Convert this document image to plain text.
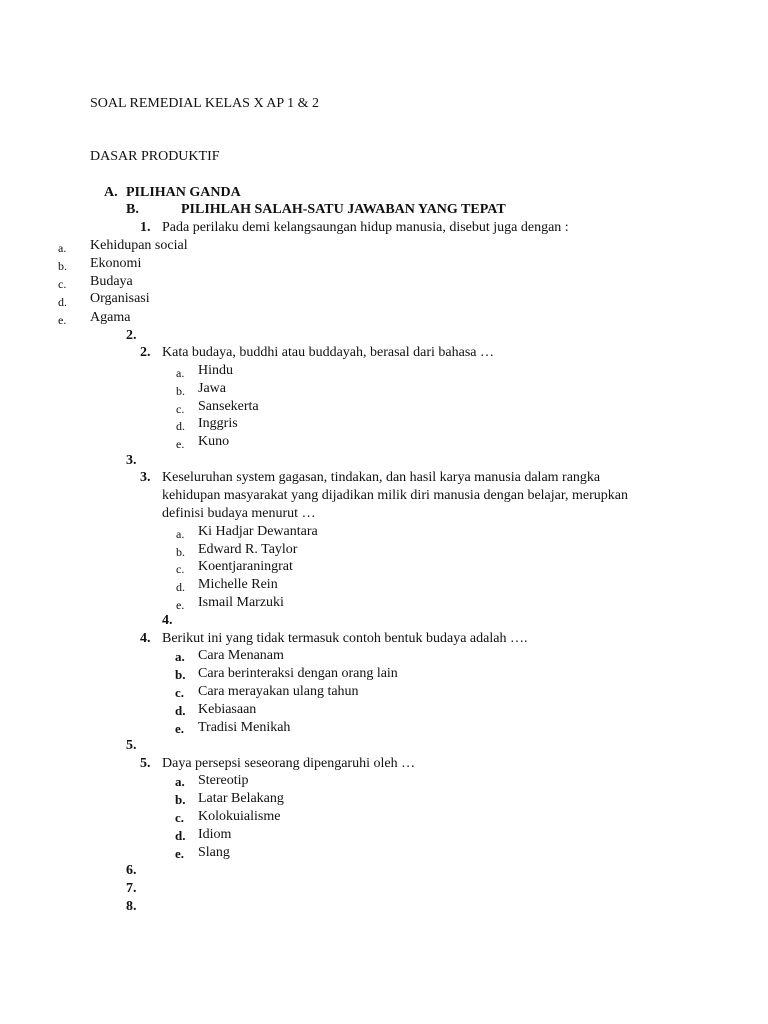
SOAL REMEDIAL KELAS X AP 1 & 2
DASAR PRODUKTIF
A. PILIHAN GANDA
B.	PILIHLAH SALAH-SATU JAWABAN YANG TEPAT
1. Pada perilaku demi kelangsaungan hidup manusia, disebut juga dengan :
a. Kehidupan social
b. Ekonomi
c. Budaya
d. Organisasi
e. Agama
2.
2. Kata budaya, buddhi atau buddayah, berasal dari bahasa …
a. Hindu
b. Jawa
c. Sansekerta
d. Inggris
e. Kuno
3.
3. Keseluruhan system gagasan, tindakan, dan hasil karya manusia dalam rangka
kehidupan masyarakat yang dijadikan milik diri manusia dengan belajar, merupkan
definisi budaya menurut …
a. Ki Hadjar Dewantara
b. Edward R. Taylor
c. Koentjaraningrat
d. Michelle Rein
e. Ismail Marzuki
4.
4. Berikut ini yang tidak termasuk contoh bentuk budaya adalah ….
a. Cara Menanam
b. Cara berinteraksi dengan orang lain
c. Cara merayakan ulang tahun
d. Kebiasaan
e. Tradisi Menikah
5.
5. Daya persepsi seseorang dipengaruhi oleh …
a. Stereotip
b. Latar Belakang
c. Kolokuialisme
d. Idiom
e. Slang
6.
7.
8.
